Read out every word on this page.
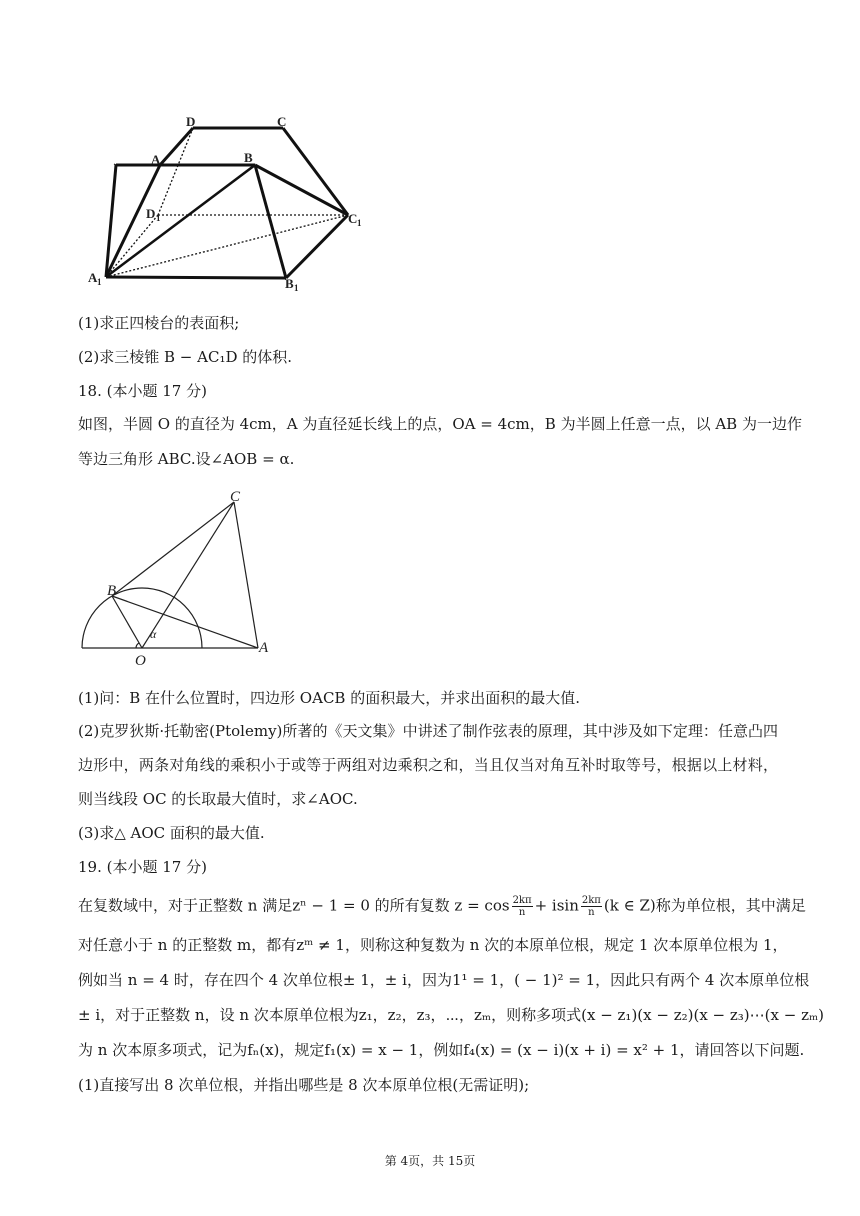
D	C
A	B
D 1	C 1
A 1	B 1
(1)求正四棱台的表面积;
(2)求三棱锥 B − AC₁D 的体积.
18. (本小题 17 分)
如图，半圆 O 的直径为 4cm，A 为直径延长线上的点，OA = 4cm，B 为半圆上任意一点，以 AB 为一边作
等边三角形 ABC.设∠AOB = α.
C
B
O
A
α
(1)问：B 在什么位置时，四边形 OACB 的面积最大，并求出面积的最大值.
(2)克罗狄斯·托勒密(Ptolemy)所著的《天文集》中讲述了制作弦表的原理，其中涉及如下定理：任意凸四
边形中，两条对角线的乘积小于或等于两组对边乘积之和，当且仅当对角互补时取等号，根据以上材料，
则当线段 OC 的长取最大值时，求∠AOC.
(3)求△ AOC 面积的最大值.
19. (本小题 17 分)
在复数域中，对于正整数 n 满足zⁿ − 1 = 0 的所有复数 $z = \cos \frac{2k\pi}{n} + isin \frac{2k\pi}{n} (k$ ∈ Z)称为单位根，其中满足
对任意小于 n 的正整数 m，都有zᵐ ≠ 1，则称这种复数为 n 次的本原单位根，规定 1 次本原单位根为 1，
例如当 n = 4 时，存在四个 4 次单位根± 1，± i，因为1¹ = 1，( − 1)² = 1，因此只有两个 4 次本原单位根
± i，对于正整数 n，设 n 次本原单位根为z₁，z₂，z₃，⋯，zₘ，则称多项式(x − z₁)(x − z₂)(x − z₃)⋯(x − zₘ)
为 n 次本原多项式，记为fₙ(x)，规定f₁(x) = x − 1，例如f₄(x) = (x − i)(x + i) = x² + 1，请回答以下问题.
(1)直接写出 8 次单位根，并指出哪些是 8 次本原单位根(无需证明);
第 4页，共 15页
